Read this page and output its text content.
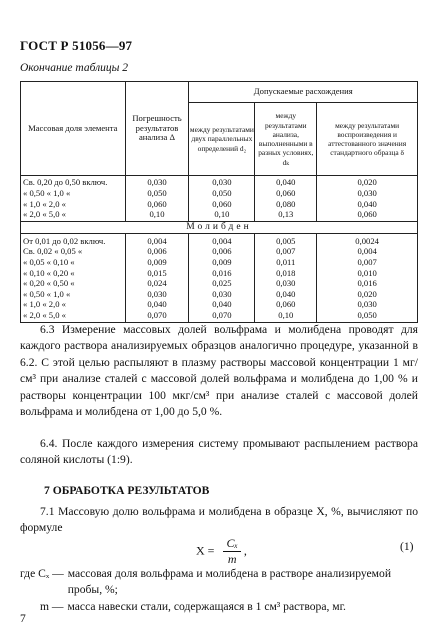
ГОСТ Р 51056—97
Окончание таблицы 2
Массовая доля элемента	Погрешность результатов анализа Δ	Допускаемые расхождения		
		между результатами двух параллельных определений d₂	между результатами анализа, выполненными в разных условиях, dₖ	между результатами воспроизведения и аттестованного значения стандартного образца δ
Св. 0,20 до 0,50 включ.	0,030	0,030	0,040	0,020
« 0,50 « 1,0 «	0,050	0,050	0,060	0,030
« 1,0 « 2,0 «	0,060	0,060	0,080	0,040
« 2,0 « 5,0 «	0,10	0,10	0,13	0,060
Молибден				
От 0,01 до 0,02 включ.	0,004	0,004	0,005	0,0024
Св. 0,02 « 0,05 «	0,006	0,006	0,007	0,004
« 0,05 « 0,10 «	0,009	0,009	0,011	0,007
« 0,10 « 0,20 «	0,015	0,016	0,018	0,010
« 0,20 « 0,50 «	0,024	0,025	0,030	0,016
« 0,50 « 1,0 «	0,030	0,030	0,040	0,020
« 1,0 « 2,0 «	0,040	0,040	0,060	0,030
« 2,0 « 5,0 «	0,070	0,070	0,10	0,050
6.3 Измерение массовых долей вольфрама и молибдена проводят для каждого раствора анализируемых образцов аналогично процедуре, указанной в 6.2. С этой целью распыляют в плазму растворы массовой концентрации 1 мг/см³ при анализе сталей с массовой долей вольфрама и молибдена до 1,00 % и растворы концентрации 100 мкг/см³ при анализе сталей с массовой долей вольфрама и молибдена от 1,00 до 5,0 %.
6.4. После каждого измерения систему промывают распылением раствора соляной кислоты (1:9).
7 ОБРАБОТКА РЕЗУЛЬТАТОВ
7.1 Массовую долю вольфрама и молибдена в образце X, %, вычисляют по формуле
$X = \frac{\text{Cₓ}}{m}$ ,	(1)
где Cₓ — массовая доля вольфрама и молибдена в растворе анализируемой пробы, %;
m — масса навески стали, содержащаяся в 1 см³ раствора, мг.
7
